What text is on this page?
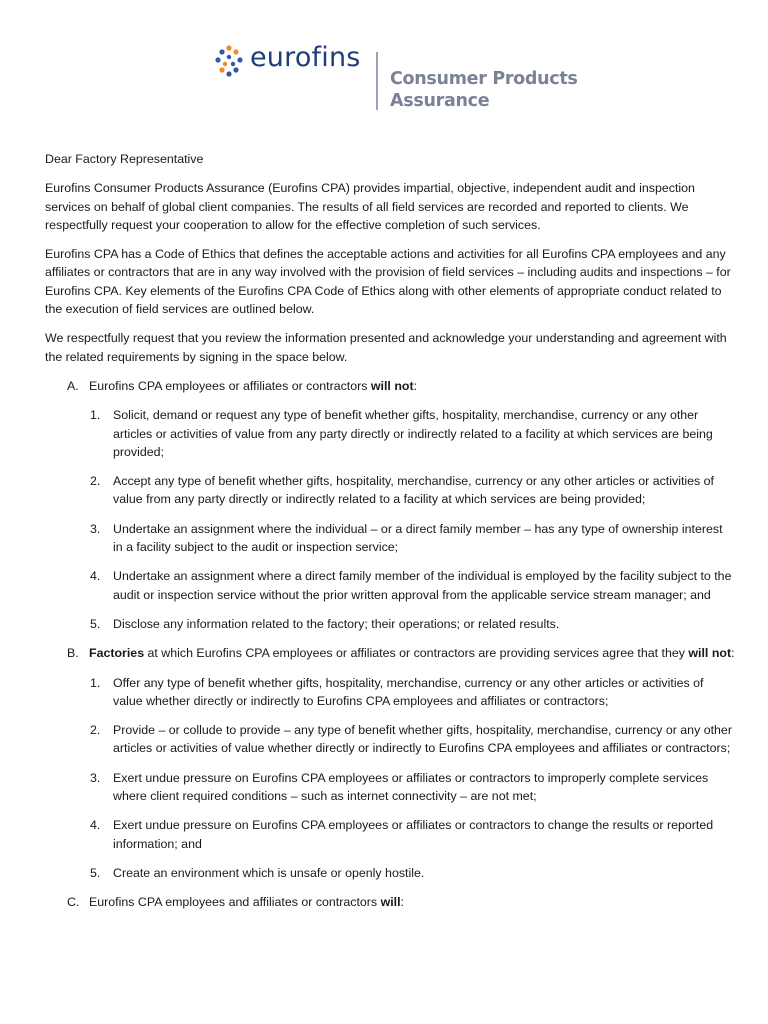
eurofins
Consumer Products
Assurance

Dear Factory Representative

Eurofins Consumer Products Assurance (Eurofins CPA) provides impartial, objective, independent audit and inspection services on behalf of global client companies. The results of all field services are recorded and reported to clients. We respectfully request your cooperation to allow for the effective completion of such services.

Eurofins CPA has a Code of Ethics that defines the acceptable actions and activities for all Eurofins CPA employees and any affiliates or contractors that are in any way involved with the provision of field services – including audits and inspections – for Eurofins CPA. Key elements of the Eurofins CPA Code of Ethics along with other elements of appropriate conduct related to the execution of field services are outlined below.

We respectfully request that you review the information presented and acknowledge your understanding and agreement with the related requirements by signing in the space below.

A. Eurofins CPA employees or affiliates or contractors will not:
1. Solicit, demand or request any type of benefit whether gifts, hospitality, merchandise, currency or any other articles or activities of value from any party directly or indirectly related to a facility at which services are being provided;
2. Accept any type of benefit whether gifts, hospitality, merchandise, currency or any other articles or activities of value from any party directly or indirectly related to a facility at which services are being provided;
3. Undertake an assignment where the individual – or a direct family member – has any type of ownership interest in a facility subject to the audit or inspection service;
4. Undertake an assignment where a direct family member of the individual is employed by the facility subject to the audit or inspection service without the prior written approval from the applicable service stream manager; and
5. Disclose any information related to the factory; their operations; or related results.
B. Factories at which Eurofins CPA employees or affiliates or contractors are providing services agree that they will not:
1. Offer any type of benefit whether gifts, hospitality, merchandise, currency or any other articles or activities of value whether directly or indirectly to Eurofins CPA employees and affiliates or contractors;
2. Provide – or collude to provide – any type of benefit whether gifts, hospitality, merchandise, currency or any other articles or activities of value whether directly or indirectly to Eurofins CPA employees and affiliates or contractors;
3. Exert undue pressure on Eurofins CPA employees or affiliates or contractors to improperly complete services where client required conditions – such as internet connectivity – are not met;
4. Exert undue pressure on Eurofins CPA employees or affiliates or contractors to change the results or reported information; and
5. Create an environment which is unsafe or openly hostile.
C. Eurofins CPA employees and affiliates or contractors will:
